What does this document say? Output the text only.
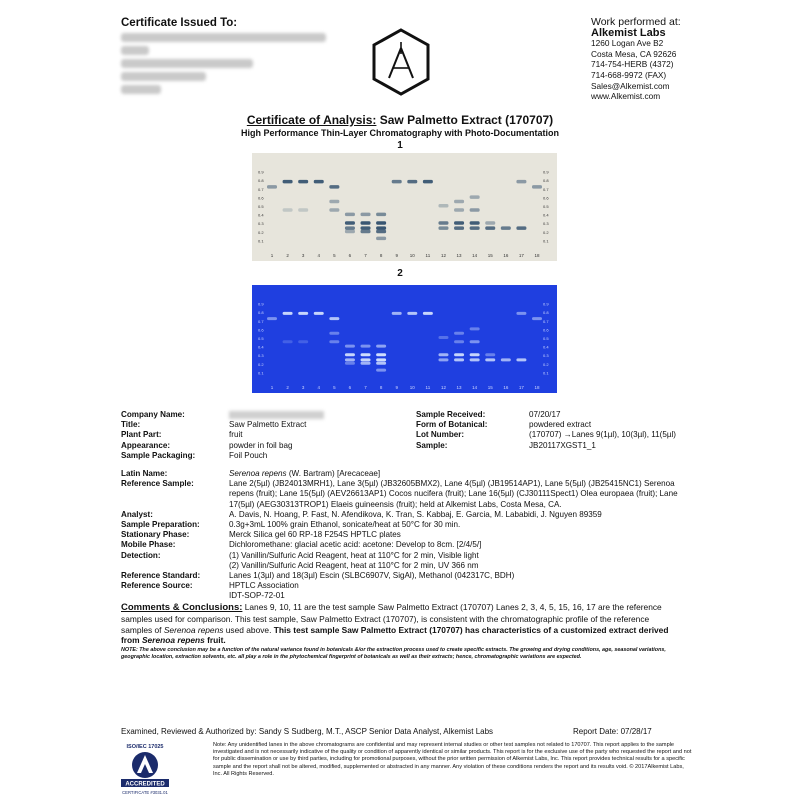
Certificate Issued To:	Work performed at:
Alkemist Labs
1260 Logan Ave B2
Costa Mesa, CA 92626
714-754-HERB (4372)
714-668-9972 (FAX)
Sales@Alkemist.com
www.Alkemist.com
Certificate of Analysis: Saw Palmetto Extract (170707)
High Performance Thin-Layer Chromatography with Photo-Documentation
1
0.9	0.9
0.8	0.8
0.7	0.7
0.6	0.6
0.5	0.5
0.4	0.4
0.3	0.3
0.2	0.2
0.1	0.1
1	2	3	4	5	6	7	8	9	10 11 12 13 14 15 16 17 18
2
0.9	0.9
0.8	0.8
0.7	0.7
0.6	0.6
0.5	0.5
0.4	0.4
0.3	0.3
0.2	0.2
0.1	0.1
1	2	3	4	5	6	7	8	9	10 11 12 13 14 15 16 17 18
Company Name:	Sample Received:	07/20/17
Title:	Saw Palmetto Extract	Form of Botanical:	powdered extract
Plant Part:	fruit	Lot Number:	(170707) →Lanes 9(1µl), 10(3µl), 11(5µl)
Appearance:	powder in foil bag	Sample:	JB20117XGST1_1
Sample Packaging:	Foil Pouch
Latin Name:	Serenoa repens (W. Bartram) [Arecaceae]
Reference Sample:	Lane 2(5µl) (JB24013MRH1), Lane 3(5µl) (JB32605BMX2), Lane 4(5µl) (JB19514AP1), Lane 5(5µl) (JB25415NC1) Serenoa repens (fruit); Lane 15(5µl) (AEV26613AP1) Cocos nucifera (fruit); Lane 16(5µl) (CJ30111Spect1) Olea europaea (fruit); Lane 17(5µl) (AEG30313TROP1) Elaeis guineensis (fruit); held at Alkemist Labs, Costa Mesa, CA.
Analyst:	A. Davis, N. Hoang, P. Fast, N. Afendikova, K. Tran, S. Kabbaj, E. Garcia, M. Lababidi, J. Nguyen 89359
Sample Preparation:	0.3g+3mL 100% grain Ethanol, sonicate/heat at 50°C for 30 min.
Stationary Phase:	Merck Silica gel 60 RP-18 F254S HPTLC plates
Mobile Phase:	Dichloromethane: glacial acetic acid: acetone: Develop to 8cm. [2/4/5/]
Detection:	(1) Vanillin/Sulfuric Acid Reagent, heat at 110°C for 2 min, Visible light
(2) Vanillin/Sulfuric Acid Reagent, heat at 110°C for 2 min, UV 366 nm
Reference Standard:	Lanes 1(3µl) and 18(3µl) Escin (SLBC6907V, SigAl), Methanol (042317C, BDH)
Reference Source:	HPTLC Association
IDT-SOP-72-01
Comments & Conclusions: Lanes 9, 10, 11 are the test sample Saw Palmetto Extract (170707) Lanes 2, 3, 4, 5, 15, 16, 17 are the reference samples used for comparison. This test sample, Saw Palmetto Extract (170707), is consistent with the chromatographic profile of the reference samples of Serenoa repens used above. This test sample Saw Palmetto Extract (170707) has characteristics of a customized extract derived from Serenoa repens fruit.
NOTE: The above conclusion may be a function of the natural variance found in botanicals &/or the extraction process used to create specific extracts. The growing and drying conditions, age, seasonal variations, geographic location, extraction solvents, etc. all play a role in the phytochemical fingerprint of botanicals as well as their extracts; hence, chromatographic variations are expected.
Examined, Reviewed & Authorized by: Sandy S Sudberg, M.T., ASCP Senior Data Analyst, Alkemist Labs	Report Date: 07/28/17
ISO/IEC 17025
ACCREDITED
CERTIFICATE #3031.01
Note: Any unidentified lanes in the above chromatograms are confidential and may represent internal studies or other test samples not related to 170707. This report applies to the sample investigated and is not necessarily indicative of the quality or condition of apparently identical or similar products. This report is for the exclusive use of the party who requested the report and not for public dissemination or use by third parties, including for promotional purposes, without the prior written permission of Alkemist Labs, Inc. This report provides technical results for a specific sample and the report shall not be altered, modified, supplemented or abstracted in any manner. Any violation of these conditions renders the report and its results void. © 2017Alkemist Labs, Inc. All Rights Reserved.
